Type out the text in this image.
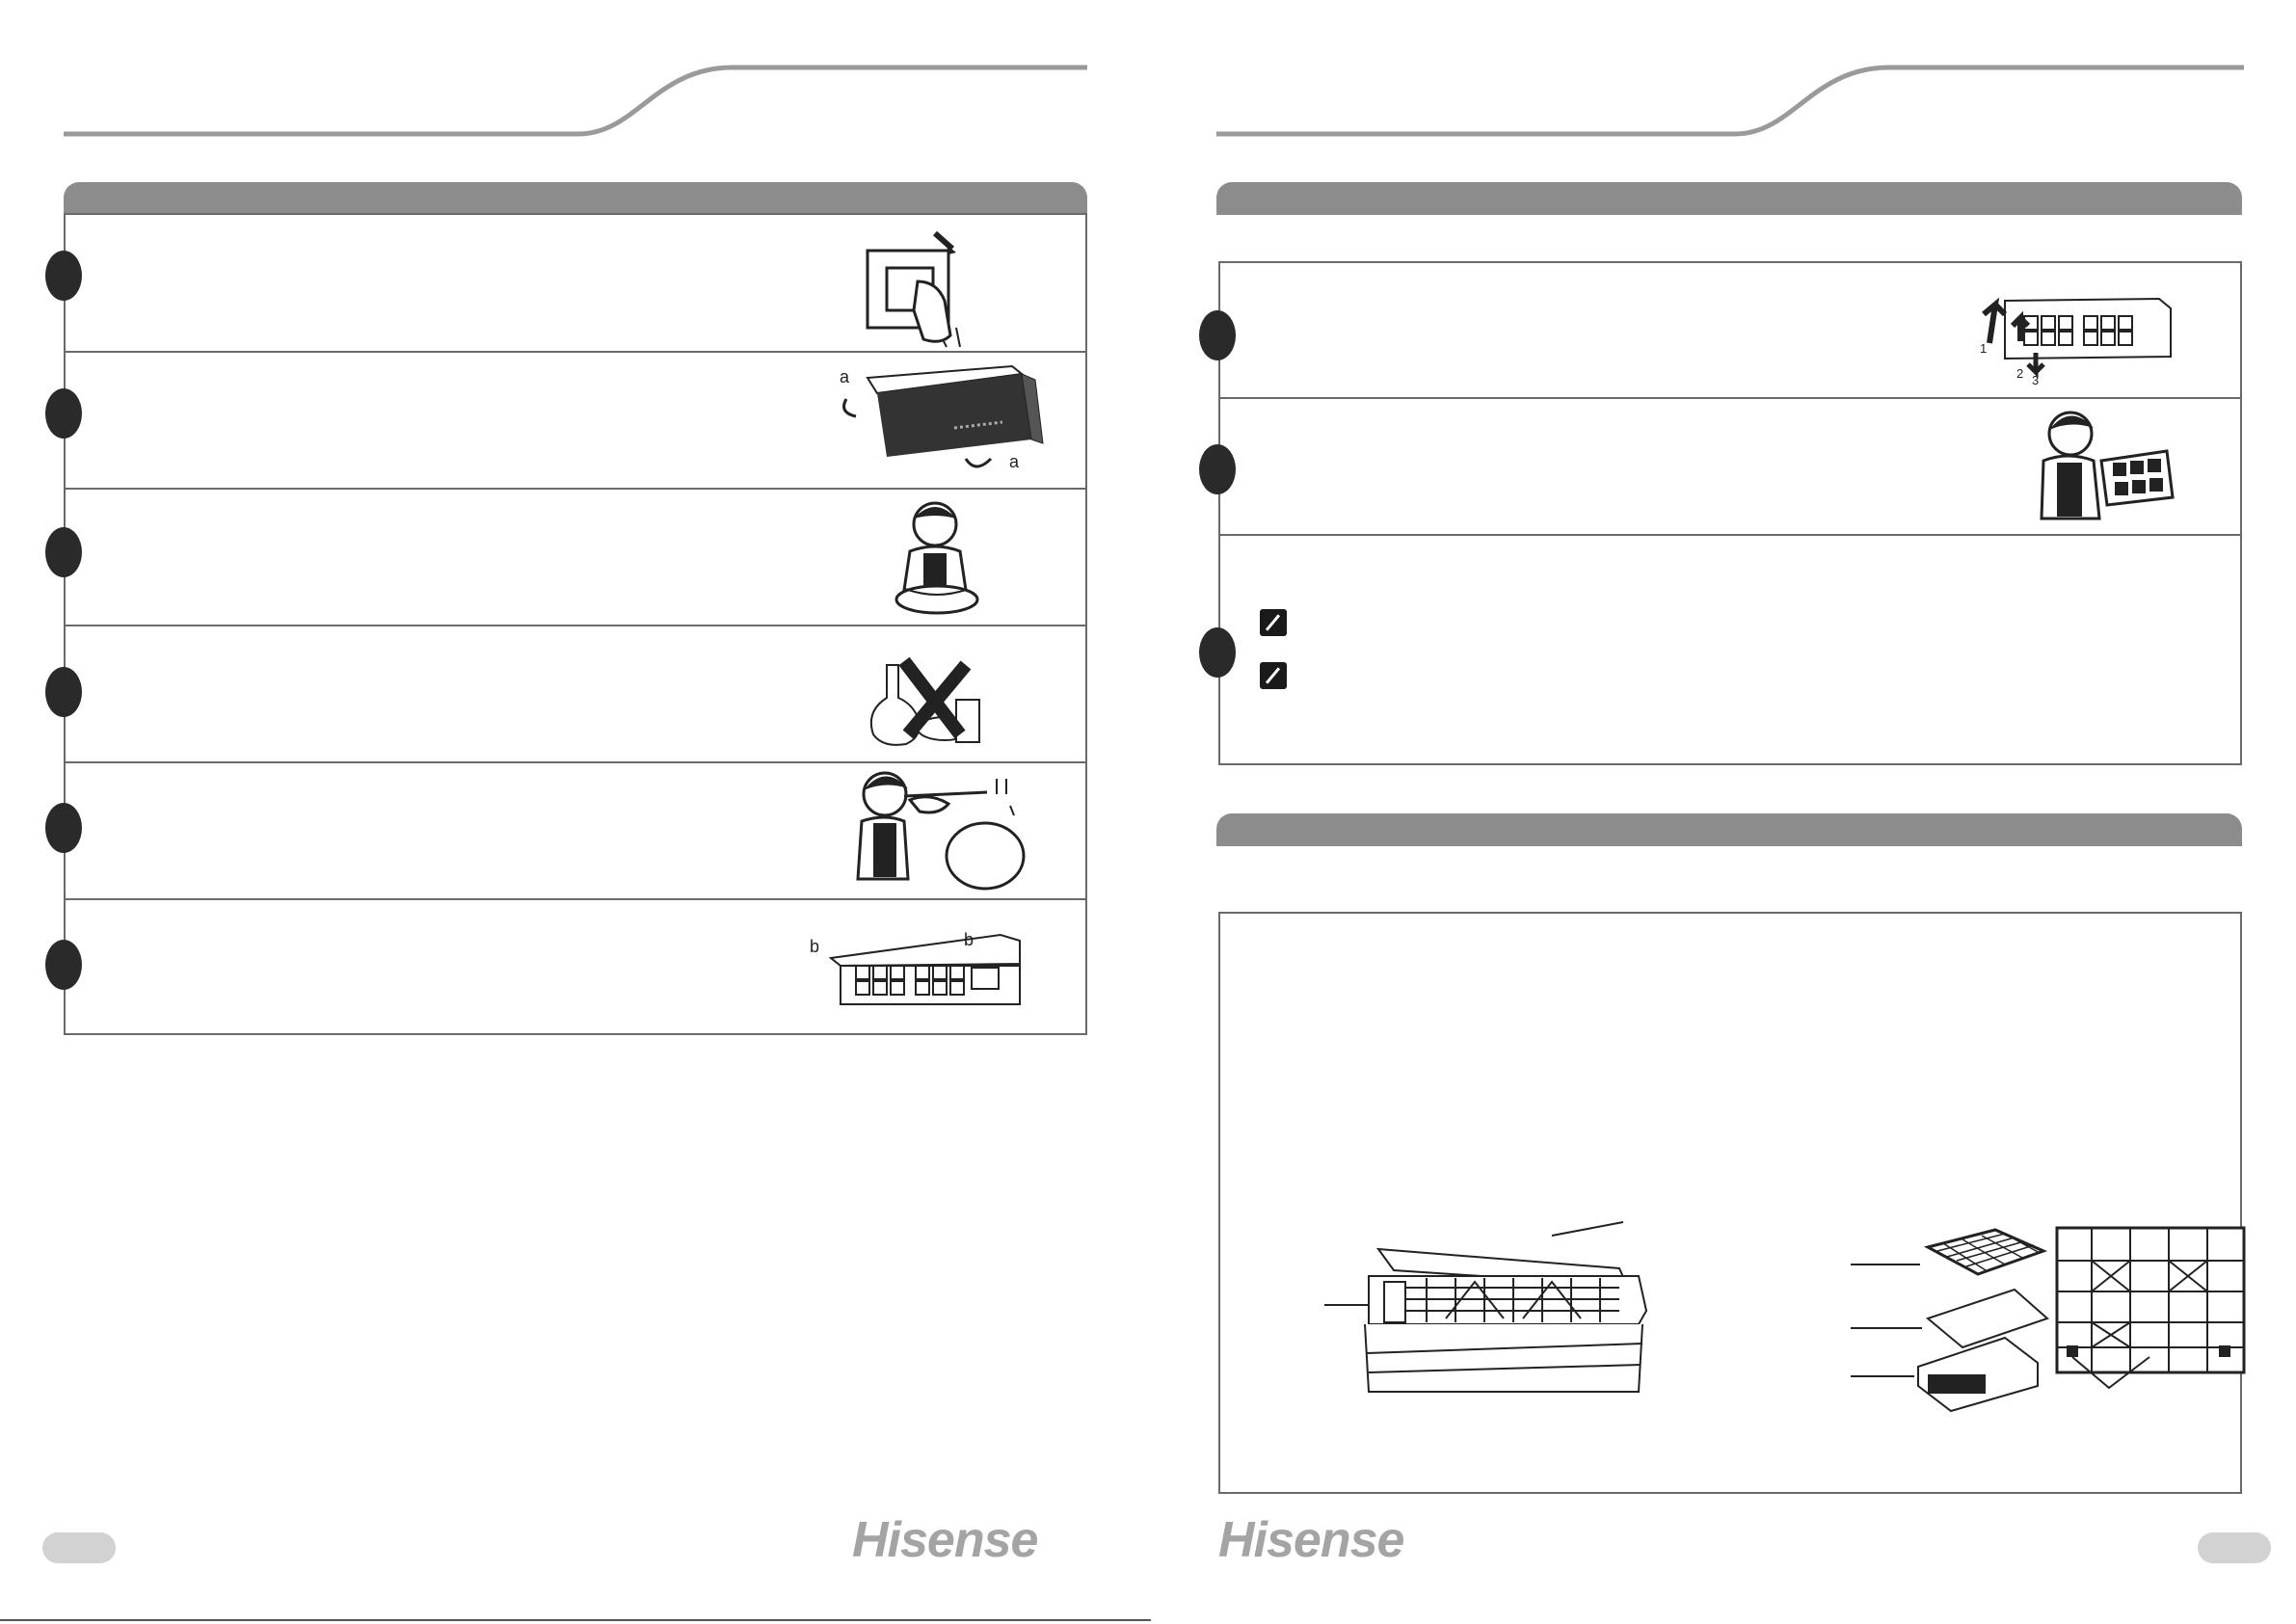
a
a
b	b
Hisense
1
2 3
Hisense
